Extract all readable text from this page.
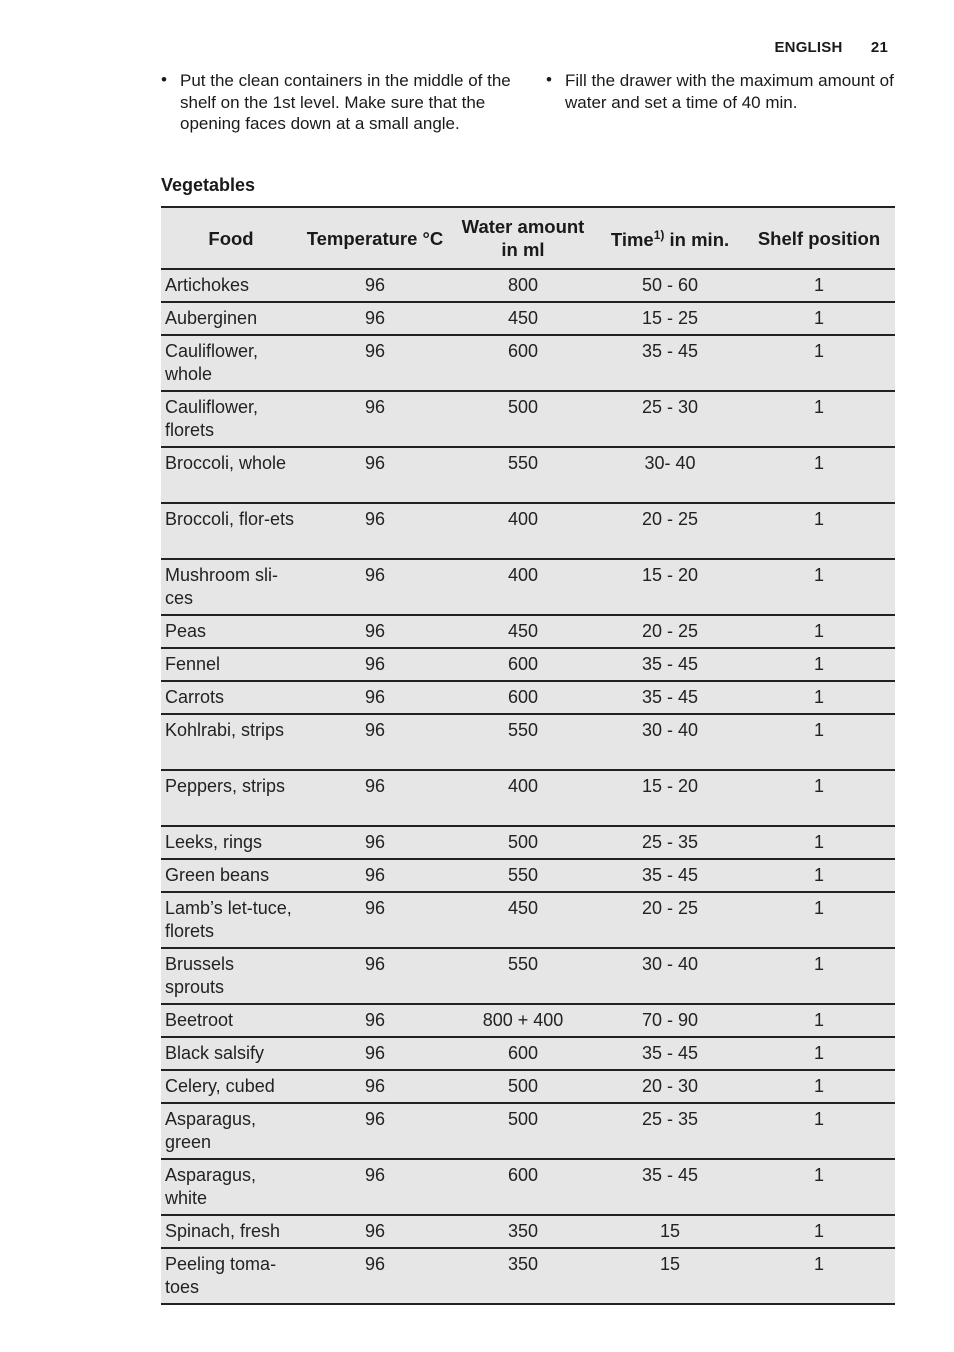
ENGLISH 21
• Put the clean containers in the middle of the shelf on the 1st level. Make sure that the opening faces down at a small angle.
• Fill the drawer with the maximum amount of water and set a time of 40 min.
Vegetables
Food	Temperature °C	Water amount in ml	Time$^{1)}$ in min.	Shelf position
Artichokes	96	800	50 - 60	1
Auberginen	96	450	15 - 25	1
Cauliflower, whole	96	600	35 - 45	1
Cauliflower, florets	96	500	25 - 30	1
Broccoli, whole	96	550	30- 40	1
Broccoli, flor-ets	96	400	20 - 25	1
Mushroom sli-ces	96	400	15 - 20	1
Peas	96	450	20 - 25	1
Fennel	96	600	35 - 45	1
Carrots	96	600	35 - 45	1
Kohlrabi, strips	96	550	30 - 40	1
Peppers, strips	96	400	15 - 20	1
Leeks, rings	96	500	25 - 35	1
Green beans	96	550	35 - 45	1
Lamb’s let-tuce, florets	96	450	20 - 25	1
Brussels sprouts	96	550	30 - 40	1
Beetroot	96	800 + 400	70 - 90	1
Black salsify	96	600	35 - 45	1
Celery, cubed	96	500	20 - 30	1
Asparagus, green	96	500	25 - 35	1
Asparagus, white	96	600	35 - 45	1
Spinach, fresh	96	350	15	1
Peeling toma-toes	96	350	15	1
